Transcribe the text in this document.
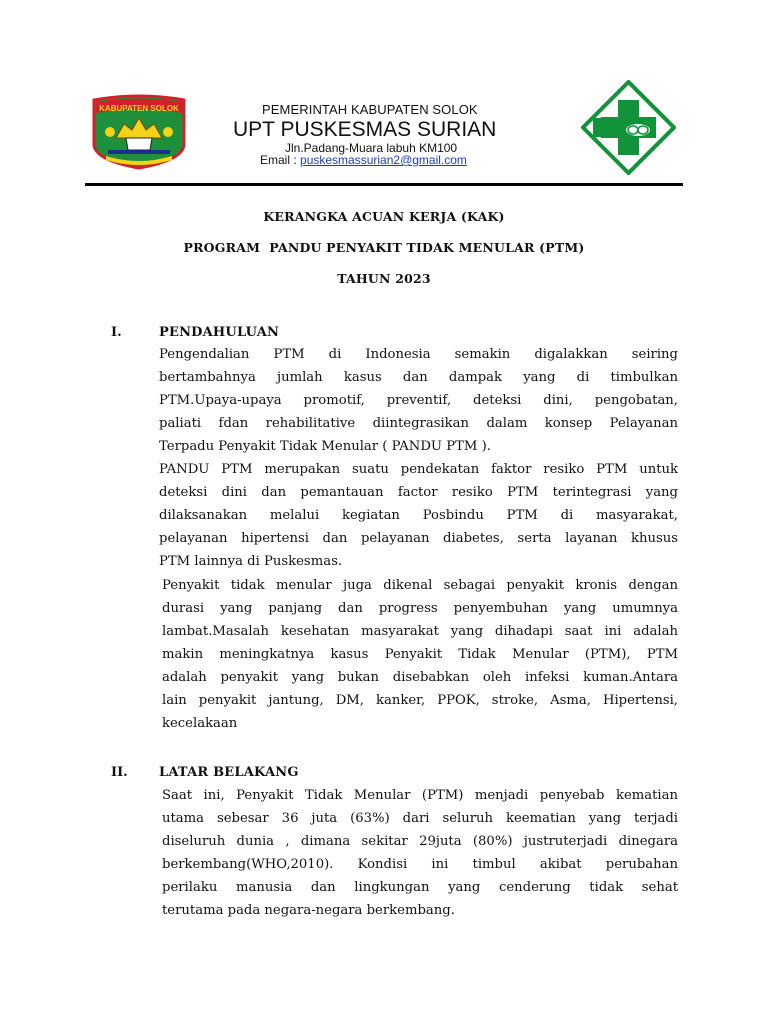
KABUPATEN SOLOK	PEMERINTAH KABUPATEN SOLOK
UPT PUSKESMAS SURIAN
Jln.Padang-Muara labuh KM100
Email : puskesmassurian2@gmail.com
KERANGKA ACUAN KERJA (KAK)
PROGRAM  PANDU PENYAKIT TIDAK MENULAR (PTM)
TAHUN 2023
I.	PENDAHULUAN
Pengendalian PTM di Indonesia semakin digalakkan seiring
bertambahnya jumlah kasus dan dampak yang di timbulkan
PTM.Upaya-upaya promotif, preventif, deteksi dini, pengobatan,
paliati fdan rehabilitative diintegrasikan dalam konsep Pelayanan
Terpadu Penyakit Tidak Menular ( PANDU PTM ).
PANDU PTM merupakan suatu pendekatan faktor resiko PTM untuk
deteksi dini dan pemantauan factor resiko PTM terintegrasi yang
dilaksanakan melalui kegiatan Posbindu PTM di masyarakat,
pelayanan hipertensi dan pelayanan diabetes, serta layanan khusus
PTM lainnya di Puskesmas.
Penyakit tidak menular juga dikenal sebagai penyakit kronis dengan
durasi yang panjang dan progress penyembuhan yang umumnya
lambat.Masalah kesehatan masyarakat yang dihadapi saat ini adalah
makin meningkatnya kasus Penyakit Tidak Menular (PTM), PTM
adalah penyakit yang bukan disebabkan oleh infeksi kuman.Antara
lain penyakit jantung, DM, kanker, PPOK, stroke, Asma, Hipertensi,
kecelakaan
II. LATAR BELAKANG
Saat ini, Penyakit Tidak Menular (PTM) menjadi penyebab kematian
utama sebesar 36 juta (63%) dari seluruh keematian yang terjadi
diseluruh dunia , dimana sekitar 29juta (80%) justruterjadi dinegara
berkembang(WHO,2010). Kondisi ini timbul akibat perubahan
perilaku manusia dan lingkungan yang cenderung tidak sehat
terutama pada negara-negara berkembang.
